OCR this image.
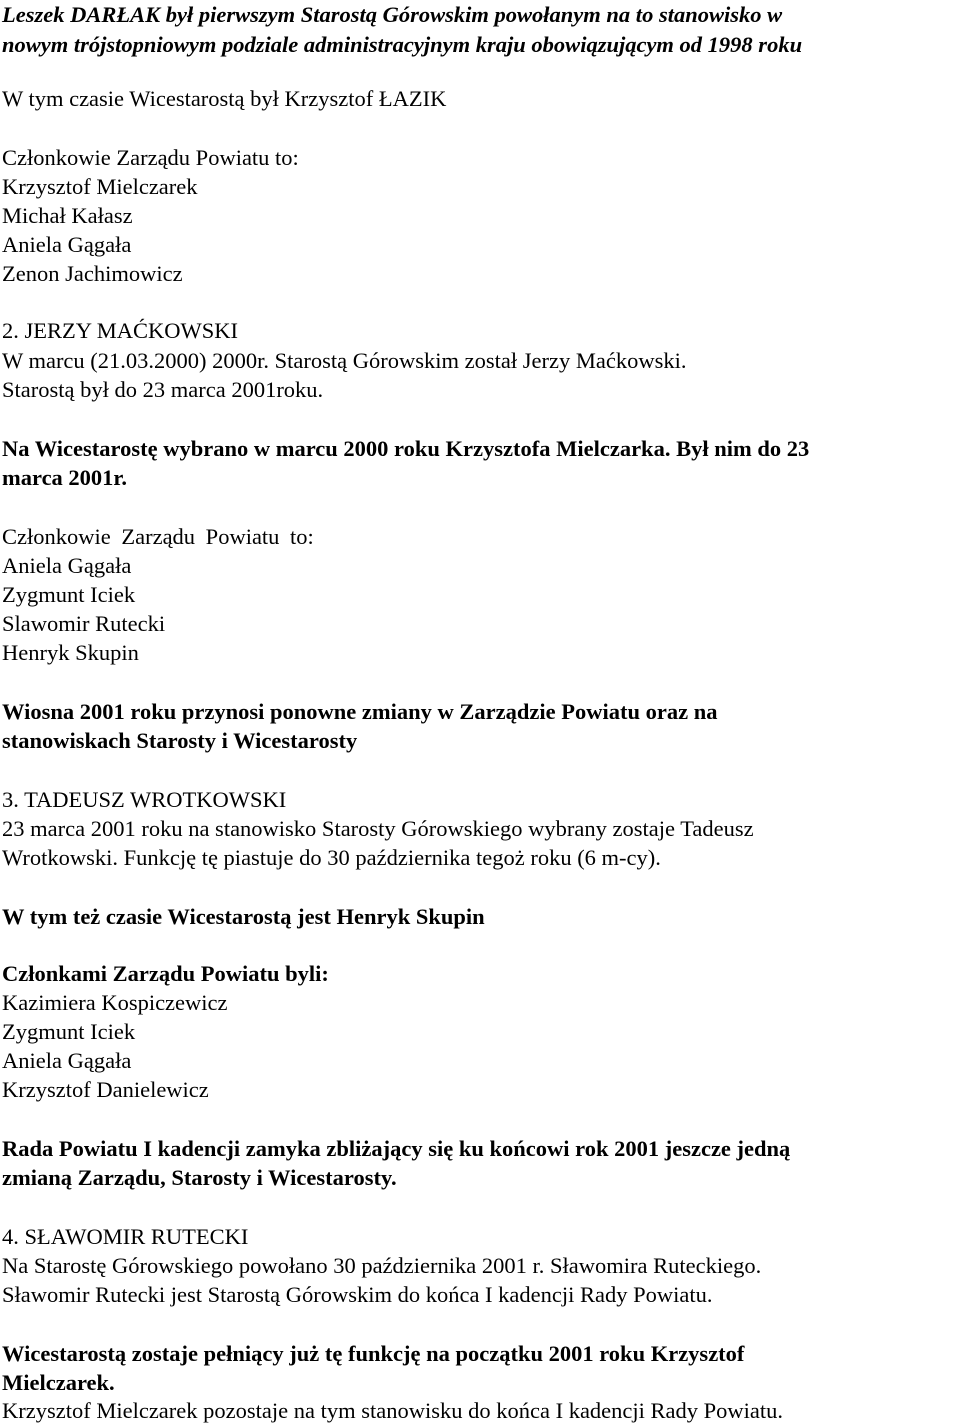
Leszek DARŁAK był pierwszym Starostą Górowskim powołanym na to stanowisko w
nowym trójstopniowym podziale administracyjnym kraju obowiązującym od 1998 roku
W tym czasie Wicestarostą był Krzysztof ŁAZIK
Członkowie Zarządu Powiatu to:
Krzysztof Mielczarek
Michał Kałasz
Aniela Gągała
Zenon Jachimowicz
2. JERZY MAĆKOWSKI
W marcu (21.03.2000) 2000r. Starostą Górowskim został Jerzy Maćkowski.
Starostą był do 23 marca 2001roku.
Na Wicestarostę wybrano w marcu 2000 roku Krzysztofa Mielczarka. Był nim do 23
marca 2001r.
Członkowie Zarządu Powiatu to:
Aniela Gągała
Zygmunt Iciek
Slawomir Rutecki
Henryk Skupin
Wiosna 2001 roku przynosi ponowne zmiany w Zarządzie Powiatu oraz na
stanowiskach Starosty i Wicestarosty
3. TADEUSZ WROTKOWSKI
23 marca 2001 roku na stanowisko Starosty Górowskiego wybrany zostaje Tadeusz
Wrotkowski. Funkcję tę piastuje do 30 października tegoż roku (6 m-cy).
W tym też czasie Wicestarostą jest Henryk Skupin
Członkami Zarządu Powiatu byli:
Kazimiera Kospiczewicz
Zygmunt Iciek
Aniela Gągała
Krzysztof Danielewicz
Rada Powiatu I kadencji zamyka zbliżający się ku końcowi rok 2001 jeszcze jedną
zmianą Zarządu, Starosty i Wicestarosty.
4. SŁAWOMIR RUTECKI
Na Starostę Górowskiego powołano 30 października 2001 r. Sławomira Ruteckiego.
Sławomir Rutecki jest Starostą Górowskim do końca I kadencji Rady Powiatu.
Wicestarostą zostaje pełniący już tę funkcję na początku 2001 roku Krzysztof
Mielczarek.
Krzysztof Mielczarek pozostaje na tym stanowisku do końca I kadencji Rady Powiatu.
